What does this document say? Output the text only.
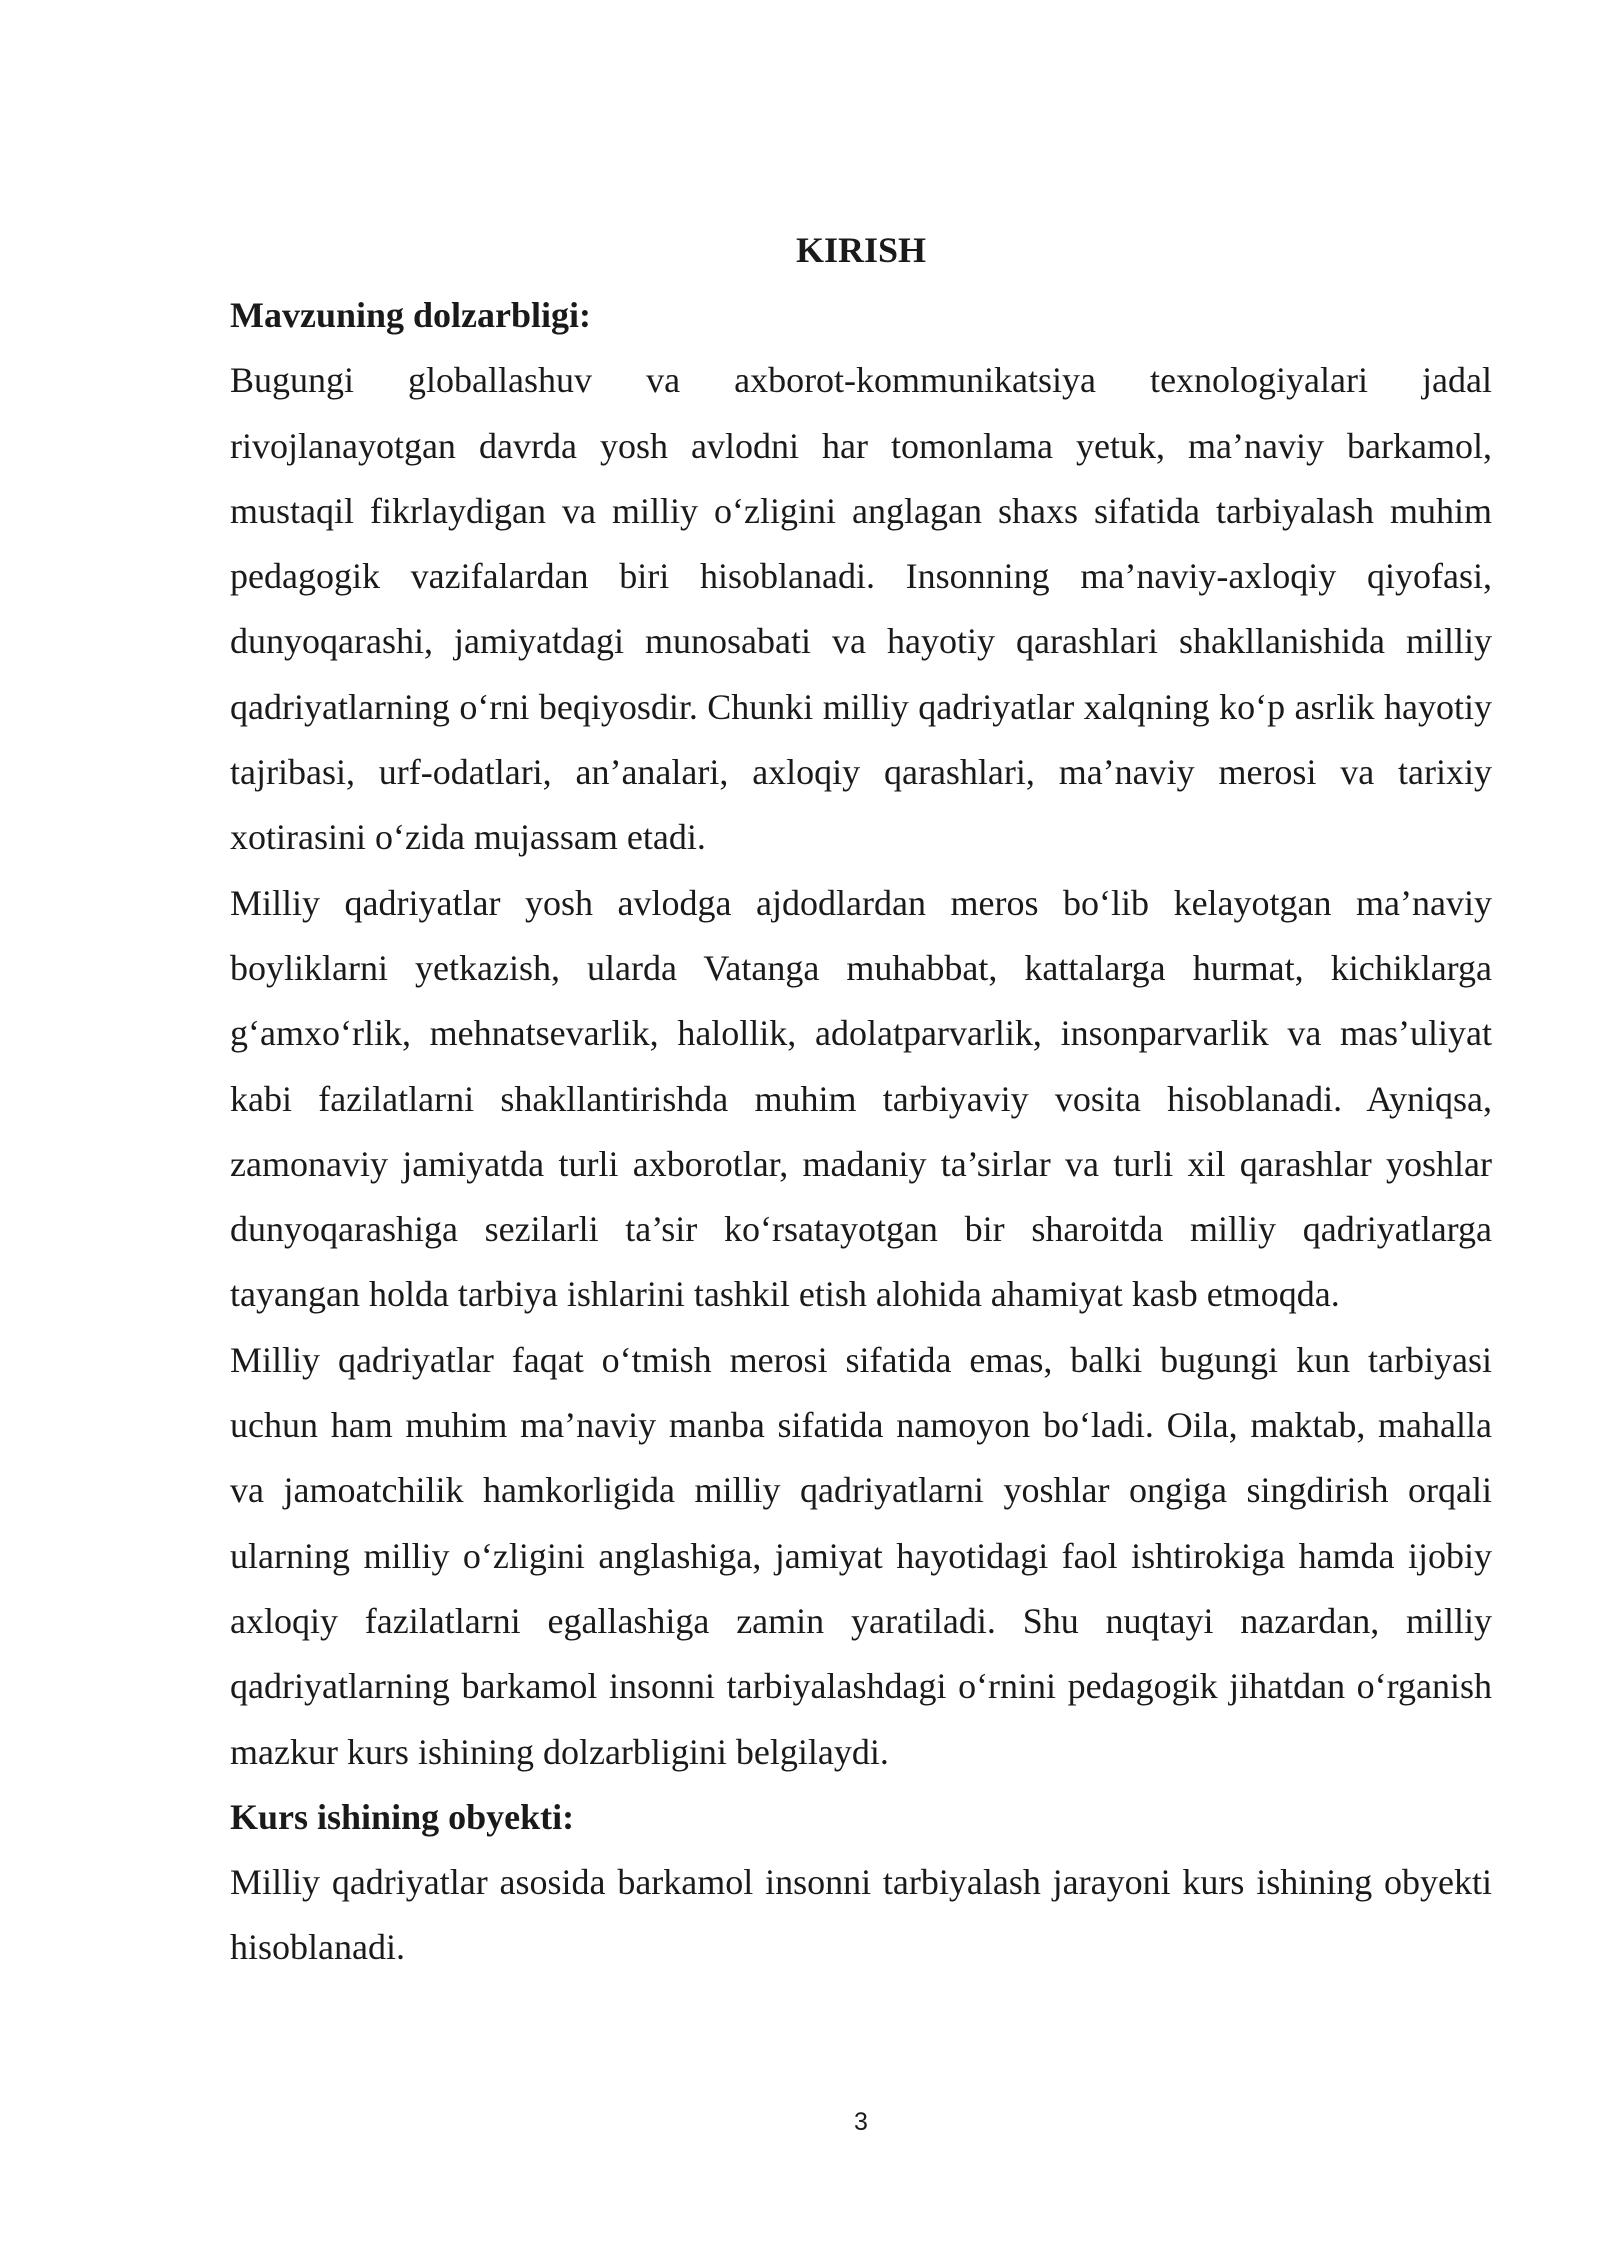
KIRISH
Mavzuning dolzarbligi:

Bugungi globallashuv va axborot-kommunikatsiya texnologiyalari jadal rivojlanayotgan davrda yosh avlodni har tomonlama yetuk, ma’naviy barkamol, mustaqil fikrlaydigan va milliy o‘zligini anglagan shaxs sifatida tarbiyalash muhim pedagogik vazifalardan biri hisoblanadi. Insonning ma’naviy-axloqiy qiyofasi, dunyoqarashi, jamiyatdagi munosabati va hayotiy qarashlari shakllanishida milliy qadriyatlarning o‘rni beqiyosdir. Chunki milliy qadriyatlar xalqning ko‘p asrlik hayotiy tajribasi, urf-odatlari, an’analari, axloqiy qarashlari, ma’naviy merosi va tarixiy xotirasini o‘zida mujassam etadi.

Milliy qadriyatlar yosh avlodga ajdodlardan meros bo‘lib kelayotgan ma’naviy boyliklarni yetkazish, ularda Vatanga muhabbat, kattalarga hurmat, kichiklarga g‘amxo‘rlik, mehnatsevarlik, halollik, adolatparvarlik, insonparvarlik va mas’uliyat kabi fazilatlarni shakllantirishda muhim tarbiyaviy vosita hisoblanadi. Ayniqsa, zamonaviy jamiyatda turli axborotlar, madaniy ta’sirlar va turli xil qarashlar yoshlar dunyoqarashiga sezilarli ta’sir ko‘rsatayotgan bir sharoitda milliy qadriyatlarga tayangan holda tarbiya ishlarini tashkil etish alohida ahamiyat kasb etmoqda.

Milliy qadriyatlar faqat o‘tmish merosi sifatida emas, balki bugungi kun tarbiyasi uchun ham muhim ma’naviy manba sifatida namoyon bo‘ladi. Oila, maktab, mahalla va jamoatchilik hamkorligida milliy qadriyatlarni yoshlar ongiga singdirish orqali ularning milliy o‘zligini anglashiga, jamiyat hayotidagi faol ishtirokiga hamda ijobiy axloqiy fazilatlarni egallashiga zamin yaratiladi. Shu nuqtayi nazardan, milliy qadriyatlarning barkamol insonni tarbiyalashdagi o‘rnini pedagogik jihatdan o‘rganish mazkur kurs ishining dolzarbligini belgilaydi.

Kurs ishining obyekti:

Milliy qadriyatlar asosida barkamol insonni tarbiyalash jarayoni kurs ishining obyekti hisoblanadi.

3
